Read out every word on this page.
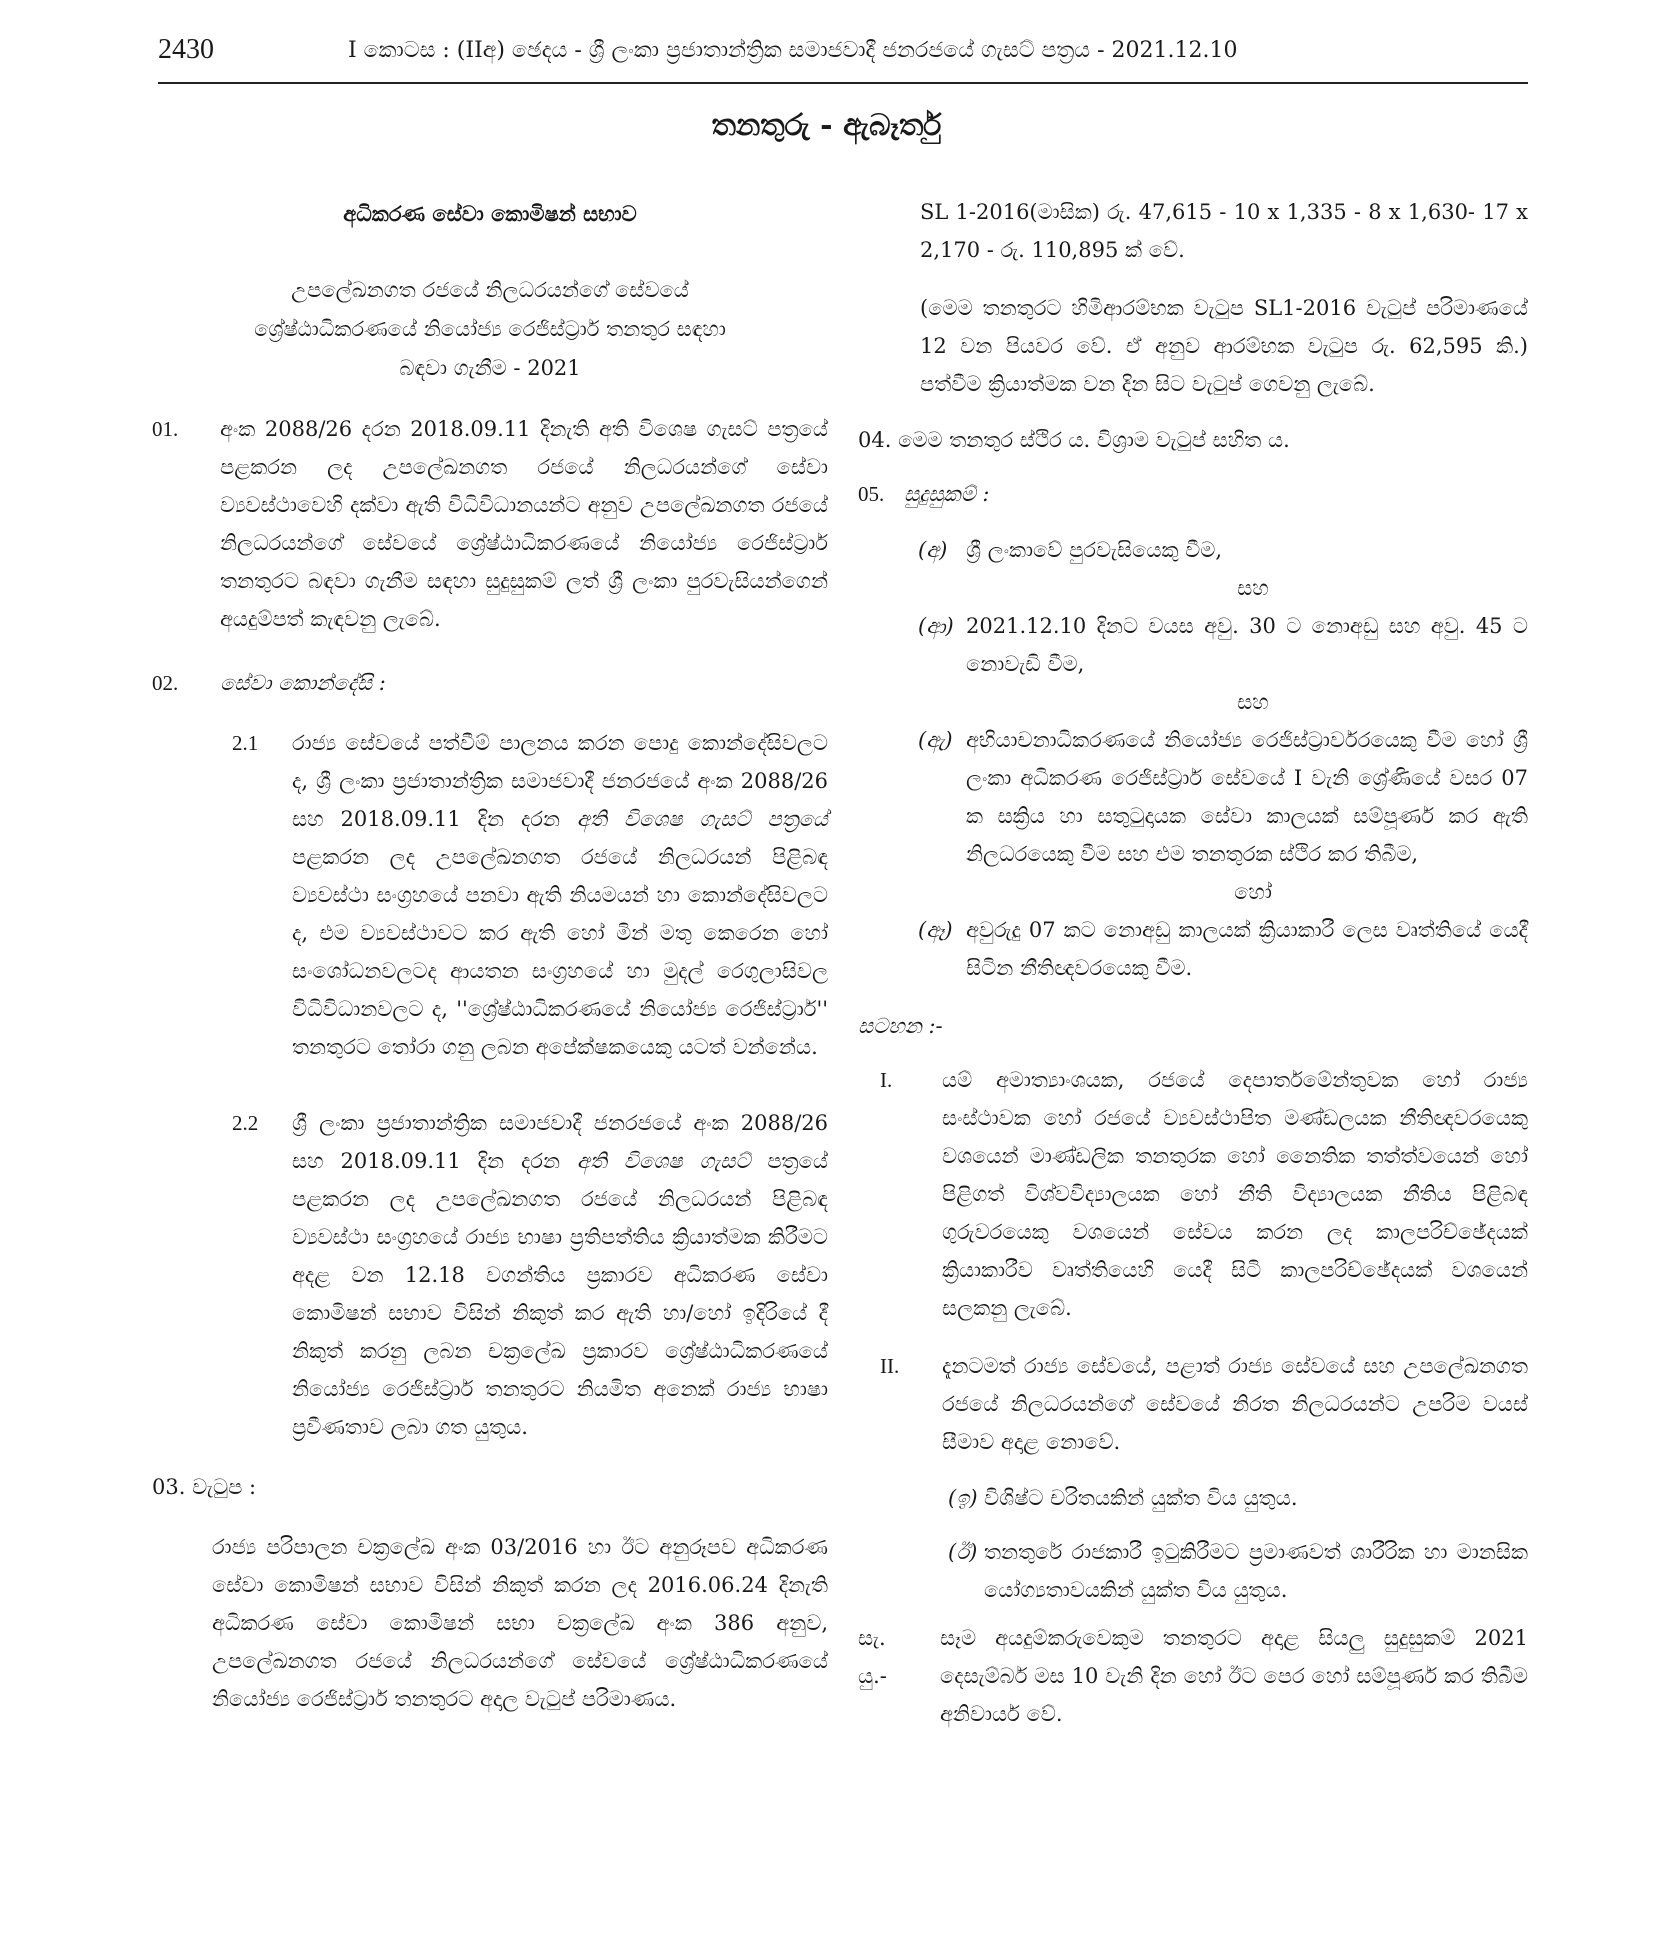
2430	I කොටස : (IIඅ) ඡෙදය - ශ්‍රී ලංකා ප්‍රජාතාන්ත්‍රික සමාජවාදී ජනරජයේ ගැසට් පත්‍රය - 2021.12.10
තනතුරු - ඇබෑර්තු

අධිකරණ සේවා කොමිෂන් සභාව

උපලේඛනගත රජයේ නිලධරයන්ගේ සේවයේ

ශ්‍රේෂ්ඨාධිකරණයේ නියෝජ්‍ය රෙජිස්ට්‍රාර් තනතුර සඳහා

බඳවා ගැනීම - 2021

01.	අංක 2088/26 දරන 2018.09.11 දිනැති අති විශෙෂ ගැසට් පත්‍රයේ පළකරන ලද උපලේඛනගත රජයේ නිලධරයන්ගේ සේවා ව්‍යවස්ථාවෙහි දක්වා ඇති විධිවිධානයන්ට අනුව උපලේඛනගත රජයේ නිලධරයන්ගේ සේවයේ ශ්‍රේෂ්ඨාධිකරණයේ නියෝජ්‍ය රෙජිස්ට්‍රාර් තනතුරට බඳවා ගැනීම සඳහා සුදුසුකම් ලත් ශ්‍රී ලංකා පුරවැසියන්ගෙන් අයදුම්පත් කැඳවනු ලැබේ.

02.	සේවා කොන්දේසි :

2.1	රාජ්‍ය සේවයේ පත්වීම් පාලනය කරන පොදු කොන්දේසිවලට ද, ශ්‍රී ලංකා ප්‍රජාතාන්ත්‍රික සමාජවාදී ජනරජයේ අංක 2088/26 සහ 2018.09.11 දින දරන අති විශෙෂ ගැසට් පත්‍රයේ පළකරන ලද උපලේඛනගත රජයේ නිලධරයන් පිළිබඳ ව්‍යවස්ථා සංග්‍රහයේ පනවා ඇති නියමයන් හා කොන්දේසිවලට ද, එම ව්‍යවස්ථාවට කර ඇති හෝ මින් මතු කෙරෙන හෝ සංශෝධනවලටද ආයතන සංග්‍රහයේ හා මුදල් රෙගුලාසිවල විධිවිධානවලට ද, ''ශ්‍රේෂ්ඨාධිකරණයේ නියෝජ්‍ය රෙජිස්ට්‍රාර්'' තනතුරට තෝරා ගනු ලබන අපේක්ෂකයෙකු යටත් වන්නේය.

2.2	ශ්‍රී ලංකා ප්‍රජාතාන්ත්‍රික සමාජවාදී ජනරජයේ අංක 2088/26 සහ 2018.09.11 දින දරන අති විශෙෂ ගැසට් පත්‍රයේ පළකරන ලද උපලේඛනගත රජයේ නිලධරයන් පිළිබඳ ව්‍යවස්ථා සංග්‍රහයේ රාජ්‍ය භාෂා ප්‍රතිපත්තිය ක්‍රියාත්මක කිරීමට අදළ වන 12.18 වගන්තිය ප්‍රකාරව අධිකරණ සේවා කොමිෂන් සභාව විසින් නිකුත් කර ඇති හා/හෝ ඉදිරියේ දී නිකුත් කරනු ලබන චක්‍රලේඛ ප්‍රකාරව ශ්‍රේෂ්ඨාධිකරණයේ නියෝජ්‍ය රෙජිස්ට්‍රාර් තනතුරට නියමිත අනෙක් රාජ්‍ය භාෂා ප්‍රවීණතාව ලබා ගත යුතුය.

03. වැටුප :

රාජ්‍ය පරිපාලන චක්‍රලේඛ අංක 03/2016 හා ඊට අනුරූපව අධිකරණ සේවා කොමිෂන් සභාව විසින් නිකුත් කරන ලද 2016.06.24 දිනැති අධිකරණ සේවා කොමිෂන් සභා චක්‍රලේඛ අංක 386 අනුව, උපලේඛනගත රජයේ නිලධරයන්ගේ සේවයේ ශ්‍රේෂ්ඨාධිකරණයේ නියෝජ්‍ය රෙජිස්ට්‍රාර් තනතුරට අදාල වැටුප් පරිමාණය.

SL 1-2016(මාසික) රු. 47,615 - 10 x 1,335 - 8 x 1,630- 17 x 2,170 - රු. 110,895 ක් වේ.

(මෙම තනතුරට හිමිආරම්භක වැටුප SL1-2016 වැටුප් පරිමාණයේ 12 වන පියවර වේ. ඒ අනුව ආරම්භක වැටුප රු. 62,595 කි.) පත්වීම ක්‍රියාත්මක වන දින සිට වැටුප් ගෙවනු ලැබේ.

04. මෙම තනතුර ස්ථිර ය. විශ්‍රාම වැටුප් සහිත ය.

05. සුදුසුකම් :

(අ) ශ්‍රී ලංකාවේ පුරවැසියෙකු වීම,

සහ

(ආ) 2021.12.10 දිනට වයස අවු. 30 ට නොඅඩු සහ අවු. 45 ට නොවැඩි වීම,

සහ

(ඇ) අභියාචනාධිකරණයේ නියෝජ්‍ය රෙජිස්ට්‍රාර්වරයෙකු වීම හෝ ශ්‍රී ලංකා අධිකරණ රෙජිස්ට්‍රාර් සේවයේ I වැනි ශ්‍රේණියේ වසර 07 ක සක්‍රිය හා සතුටුදායක සේවා කාලයක් සම්පූර්ණ කර ඇති නිලධරයෙකු වීම සහ එම තනතුරක ස්ථිර කර තිබීම,

හෝ

(ඈ) අවුරුදු 07 කට නොඅඩු කාලයක් ක්‍රියාකාරී ලෙස වෘත්තියේ යෙදී සිටින නීතිඥවරයෙකු වීම.

සටහන :-

I.	යම් අමාත්‍යාංශයක, රජයේ දෙපාර්තමේන්තුවක හෝ රාජ්‍ය සංස්ථාවක හෝ රජයේ ව්‍යවස්ථාපිත මණ්ඩලයක නීතිඥවරයෙකු වශයෙන් මාණ්ඩලික තනතුරක හෝ නෛතික තත්ත්වයෙන් හෝ පිළිගත් විශ්වවිද්‍යාලයක හෝ නීති විද්‍යාලයක නීතිය පිළිබඳ ගුරුවරයෙකු වශයෙන් සේවය කරන ලද කාලපරිච්ඡේදයක් ක්‍රියාකාරීව වෘත්තියෙහි යෙදී සිටි කාලපරිච්ඡේදයක් වශයෙන් සලකනු ලැබේ.

II.	දැනටමත් රාජ්‍ය සේවයේ, පළාත් රාජ්‍ය සේවයේ සහ උපලේඛනගත රජයේ නිලධරයන්ගේ සේවයේ නිරත නිලධරයන්ට උපරිම වයස් සීමාව අදාළ නොවේ.

(ඉ) විශිෂ්ට චරිතයකින් යුක්ත විය යුතුය.

(ඊ) තනතුරේ රාජකාරී ඉටුකිරීමට ප්‍රමාණවත් ශාරීරික හා මානසික යෝග්‍යතාවයකින් යුක්ත විය යුතුය.

සැ. යු.-

සෑම අයදුම්කරුවෙකුම තනතුරට අදාළ සියලු සුදුසුකම් 2021 දෙසැම්බර් මස 10 වැනි දින හෝ ඊට පෙර හෝ සම්පූර්ණ කර තිබීම අනිවාර්ය වේ.
